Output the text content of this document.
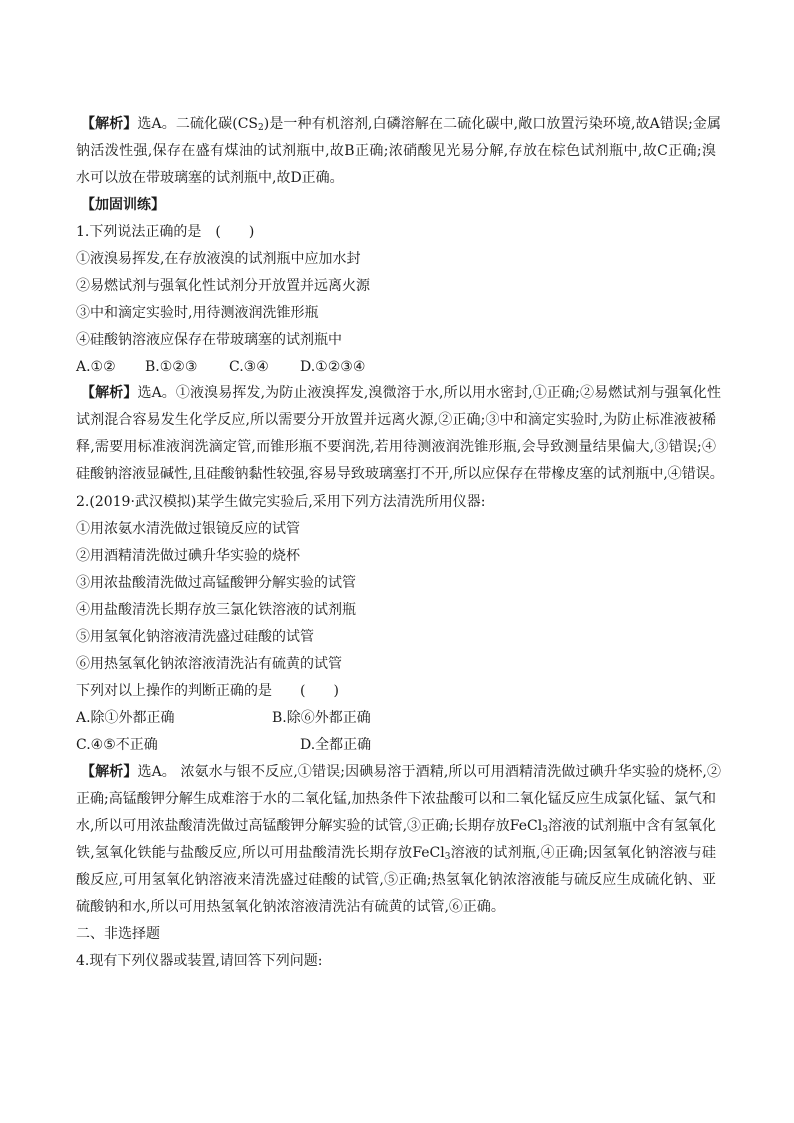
【解析】选A。二硫化碳$(CS_2)$是一种有机溶剂,白磷溶解在二硫化碳中,敞口放置污染环境,故A错误;金属
钠活泼性强,保存在盛有煤油的试剂瓶中,故B正确;浓硝酸见光易分解,存放在棕色试剂瓶中,故C正确;溴
水可以放在带玻璃塞的试剂瓶中,故D正确。
【加固训练】
1.下列说法正确的是　(　　)
①液溴易挥发,在存放液溴的试剂瓶中应加水封
②易燃试剂与强氧化性试剂分开放置并远离火源
③中和滴定实验时,用待测液润洗锥形瓶
④硅酸钠溶液应保存在带玻璃塞的试剂瓶中
A.①② B.①②③ C.③④ D.①②③④
【解析】选A。①液溴易挥发,为防止液溴挥发,溴微溶于水,所以用水密封,①正确;②易燃试剂与强氧化性
试剂混合容易发生化学反应,所以需要分开放置并远离火源,②正确;③中和滴定实验时,为防止标准液被稀
释,需要用标准液润洗滴定管,而锥形瓶不要润洗,若用待测液润洗锥形瓶,会导致测量结果偏大,③错误;④
硅酸钠溶液显碱性,且硅酸钠黏性较强,容易导致玻璃塞打不开,所以应保存在带橡皮塞的试剂瓶中,④错误。
2.(2019·武汉模拟)某学生做完实验后,采用下列方法清洗所用仪器:
①用浓氨水清洗做过银镜反应的试管
②用酒精清洗做过碘升华实验的烧杯
③用浓盐酸清洗做过高锰酸钾分解实验的试管
④用盐酸清洗长期存放三氯化铁溶液的试剂瓶
⑤用氢氧化钠溶液清洗盛过硅酸的试管
⑥用热氢氧化钠浓溶液清洗沾有硫黄的试管
下列对以上操作的判断正确的是　　(　　)
A.除①外都正确	B.除⑥外都正确
C.④⑤不正确	D.全都正确
【解析】选A。 浓氨水与银不反应,①错误;因碘易溶于酒精,所以可用酒精清洗做过碘升华实验的烧杯,②
正确;高锰酸钾分解生成难溶于水的二氧化锰,加热条件下浓盐酸可以和二氧化锰反应生成氯化锰、氯气和
水,所以可用浓盐酸清洗做过高锰酸钾分解实验的试管,③正确;长期存放FeCl$_3$溶液的试剂瓶中含有氢氧化
铁,氢氧化铁能与盐酸反应,所以可用盐酸清洗长期存放FeCl$_3$溶液的试剂瓶,④正确;因氢氧化钠溶液与硅
酸反应,可用氢氧化钠溶液来清洗盛过硅酸的试管,⑤正确;热氢氧化钠浓溶液能与硫反应生成硫化钠、亚
硫酸钠和水,所以可用热氢氧化钠浓溶液清洗沾有硫黄的试管,⑥正确。
二、非选择题
4.现有下列仪器或装置,请回答下列问题:
